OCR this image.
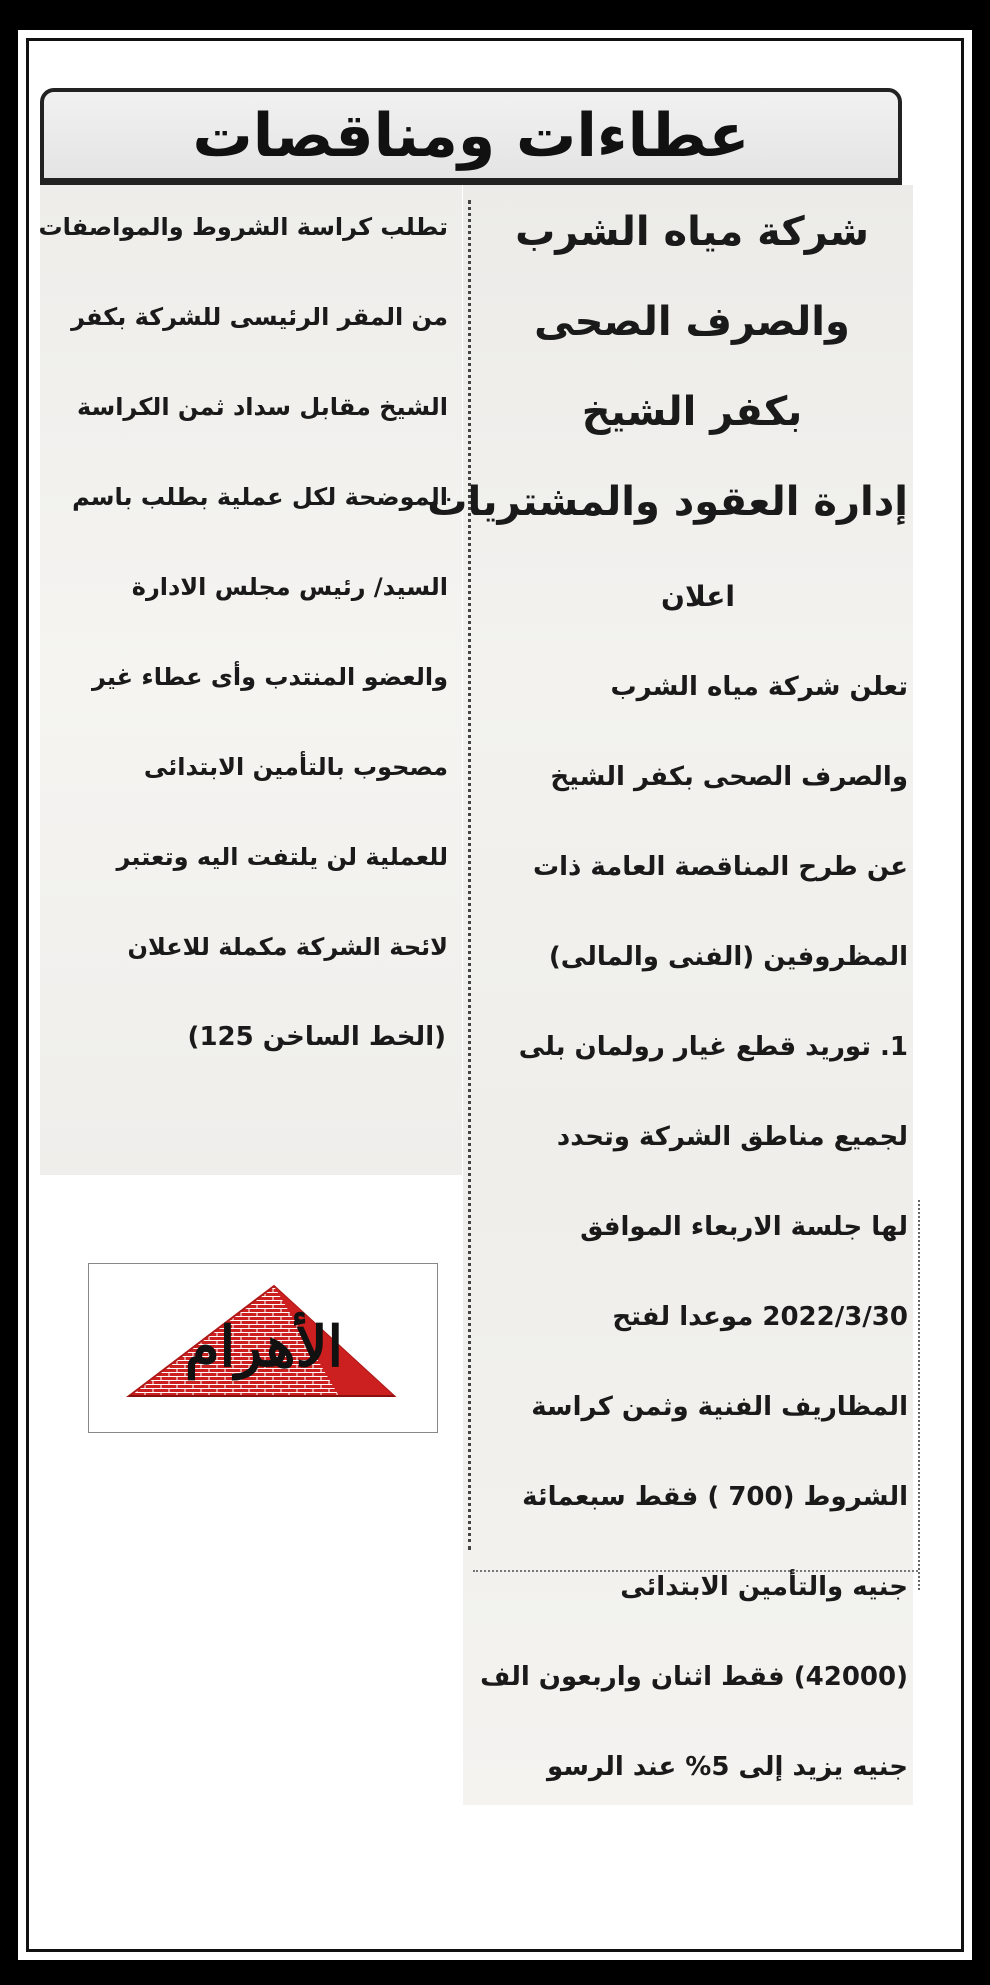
عطاءات ومناقصات
شركة مياه الشرب
والصرف الصحى
بكفر الشيخ
إدارة العقود والمشتريات
اعلان
تعلن شركة مياه الشرب
والصرف الصحى بكفر الشيخ
عن طرح المناقصة العامة ذات
المظروفين (الفنى والمالى)
1. توريد قطع غيار رولمان بلى
لجميع مناطق الشركة وتحدد
لها جلسة الاربعاء الموافق
2022/3/30 موعدا لفتح
المظاريف الفنية وثمن كراسة
الشروط (700 ) فقط سبعمائة
جنيه والتأمين الابتدائى
(42000) فقط اثنان واربعون الف
جنيه يزيد إلى 5% عند الرسو
تطلب كراسة الشروط والمواصفات
من المقر الرئيسى للشركة بكفر
الشيخ مقابل سداد ثمن الكراسة
الموضحة لكل عملية بطلب باسم
السيد/ رئيس مجلس الادارة
والعضو المنتدب وأى عطاء غير
مصحوب بالتأمين الابتدائى
للعملية لن يلتفت اليه وتعتبر
لائحة الشركة مكملة للاعلان
(الخط الساخن 125)
الأهرام
